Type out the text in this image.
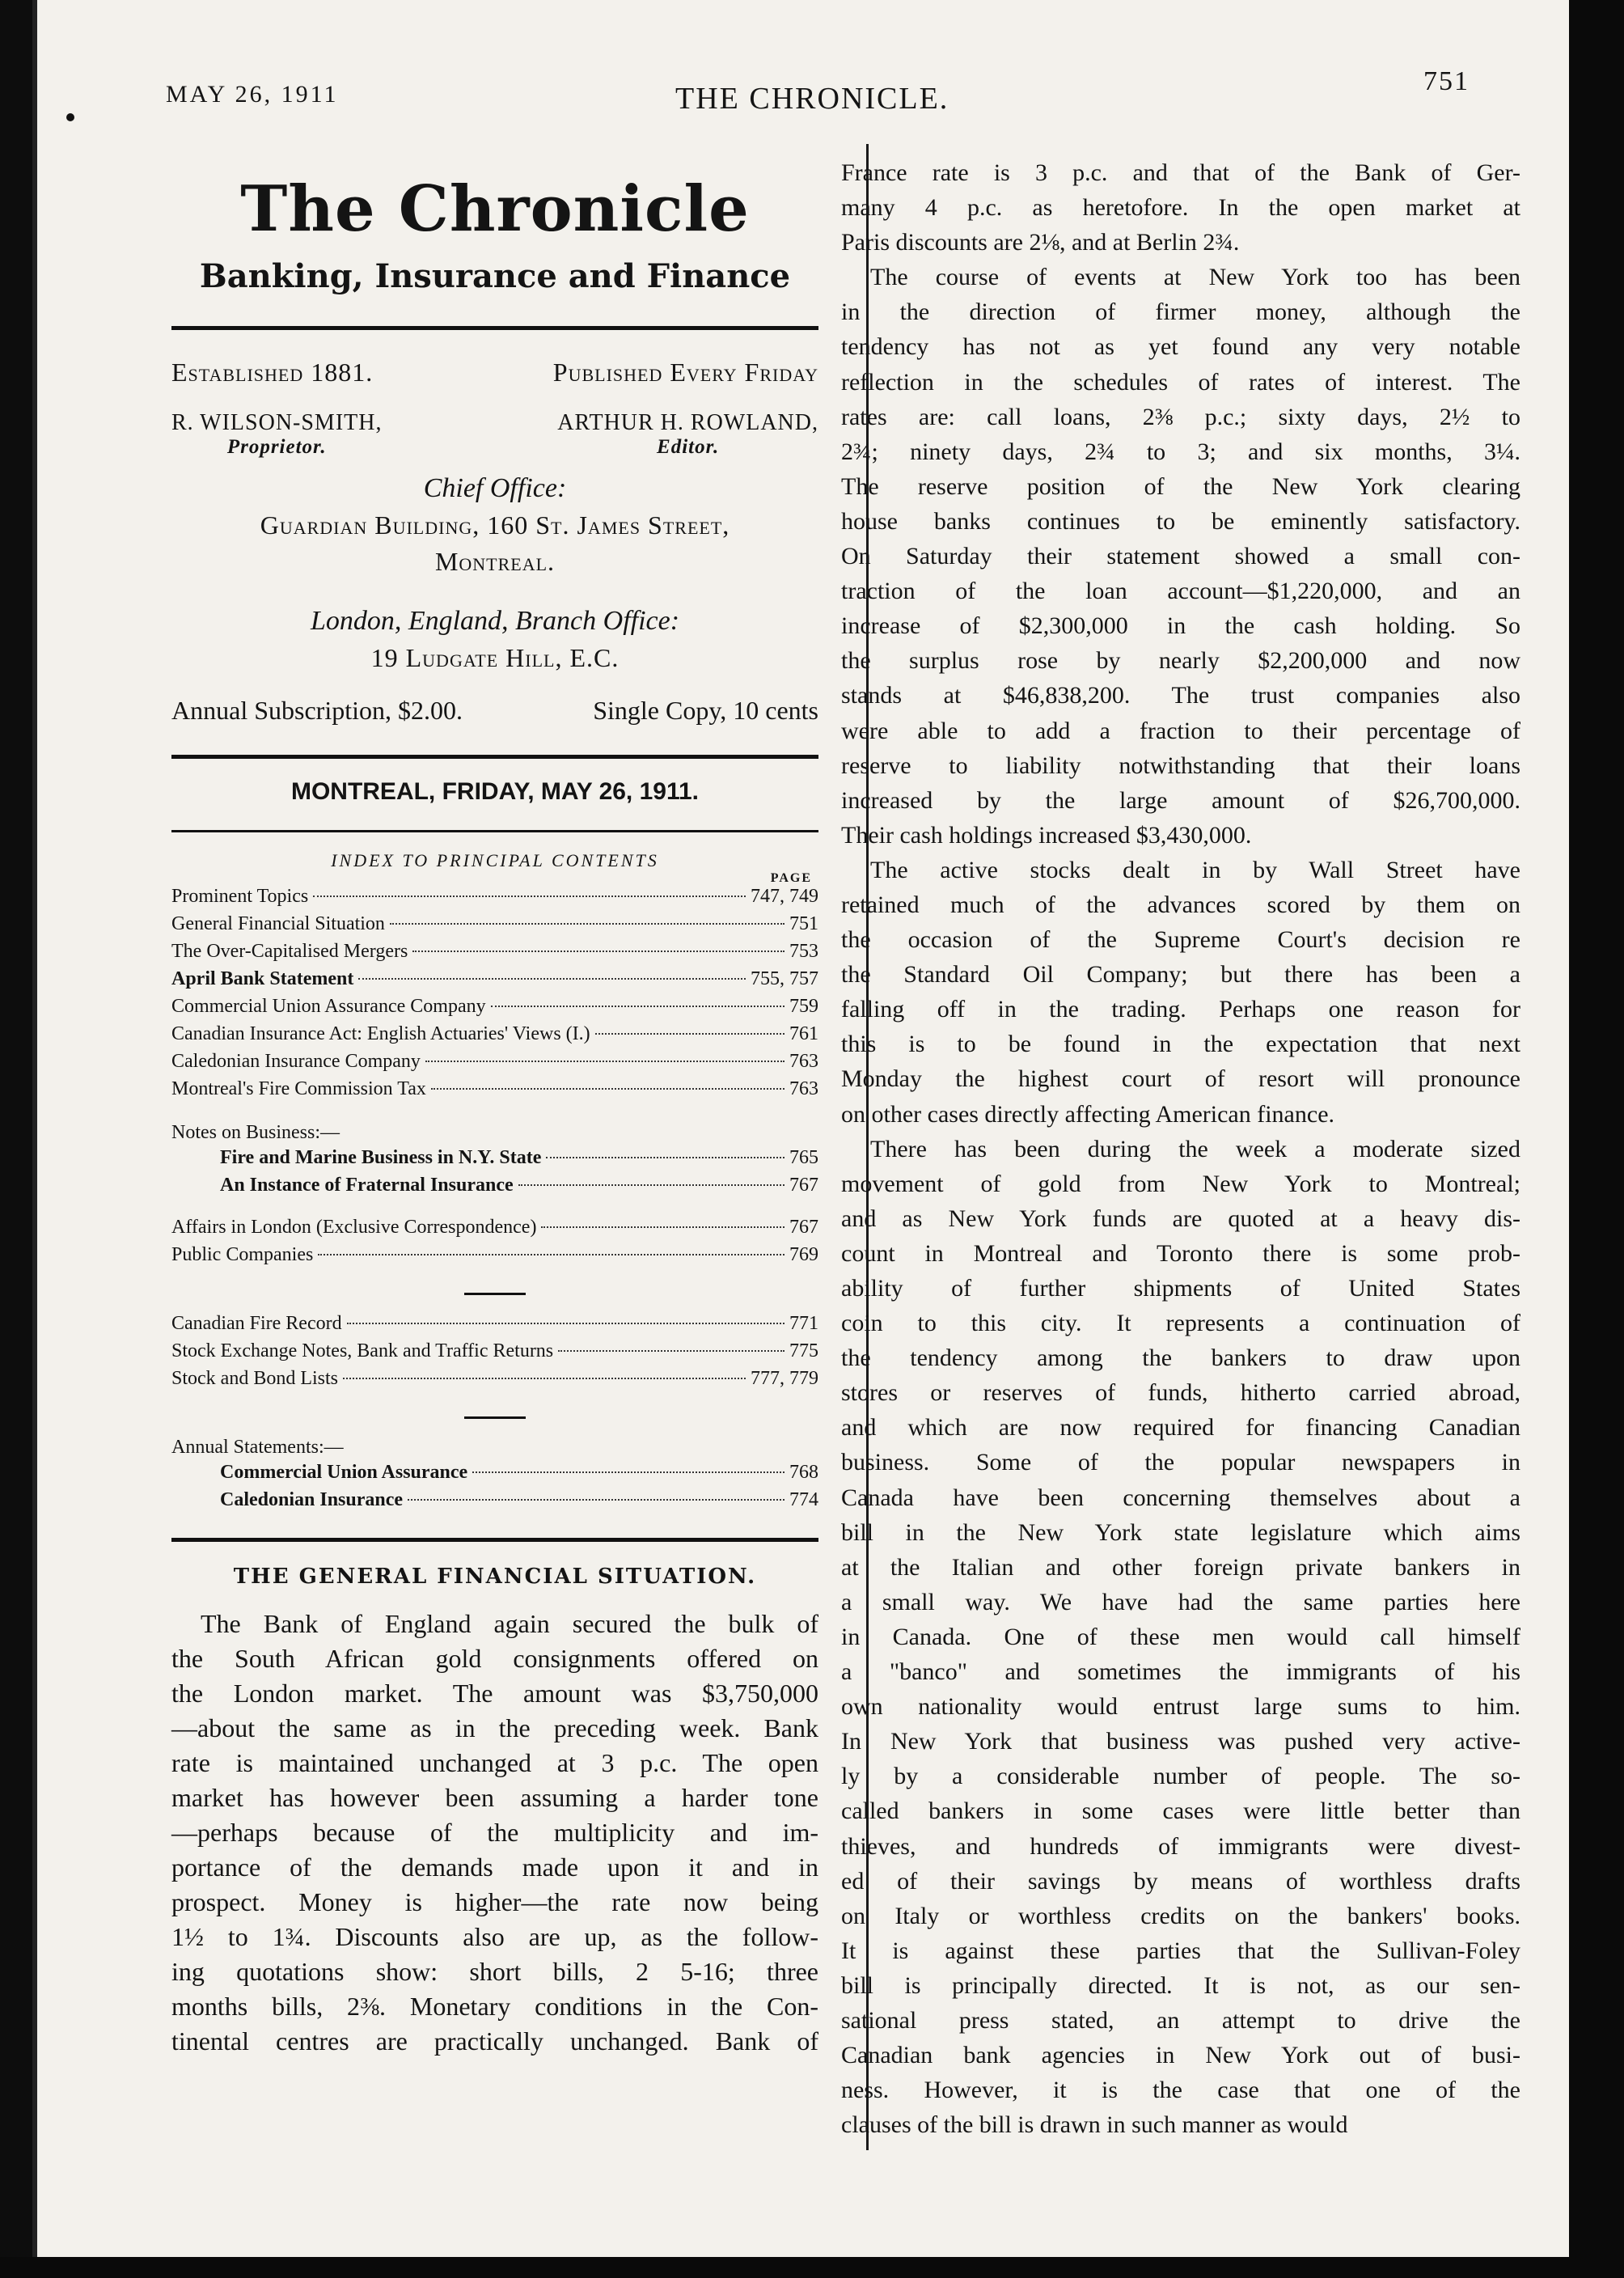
MAY 26, 1911	THE CHRONICLE.
751
The Chronicle
Banking, Insurance and Finance
Established 1881.	Published Every Friday
R. WILSON-SMITH,
Proprietor.
ARTHUR H. ROWLAND,
Editor.
Chief Office:
Guardian Building, 160 St. James Street,
Montreal.
London, England, Branch Office:
19 Ludgate Hill, E.C.
Annual Subscription, $2.00.	Single Copy, 10 cents
MONTREAL, FRIDAY, MAY 26, 1911.
INDEX TO PRINCIPAL CONTENTS
PAGE
Prominent Topics	747, 749
General Financial Situation	751
The Over-Capitalised Mergers	753
April Bank Statement	755, 757
Commercial Union Assurance Company	759
Canadian Insurance Act: English Actuaries' Views (I.)	761
Caledonian Insurance Company	763
Montreal's Fire Commission Tax	763
Notes on Business:—
Fire and Marine Business in N.Y. State	765
An Instance of Fraternal Insurance	767
Affairs in London (Exclusive Correspondence)	767
Public Companies	769
Canadian Fire Record	771
Stock Exchange Notes, Bank and Traffic Returns	775
Stock and Bond Lists	777, 779
Annual Statements:—
Commercial Union Assurance	768
Caledonian Insurance	774
THE GENERAL FINANCIAL SITUATION.
The Bank of England again secured the bulk of
the South African gold consignments offered on
the London market. The amount was $3,750,000
—about the same as in the preceding week. Bank
rate is maintained unchanged at 3 p.c. The open
market has however been assuming a harder tone
—perhaps because of the multiplicity and im-
portance of the demands made upon it and in
prospect. Money is higher—the rate now being
1½ to 1¾. Discounts also are up, as the follow-
ing quotations show: short bills, 2 5-16; three
months bills, 2⅜. Monetary conditions in the Con-
tinental centres are practically unchanged. Bank of
France rate is 3 p.c. and that of the Bank of Ger-
many 4 p.c. as heretofore. In the open market at
Paris discounts are 2⅛, and at Berlin 2¾.
The course of events at New York too has been
in the direction of firmer money, although the
tendency has not as yet found any very notable
reflection in the schedules of rates of interest. The
rates are: call loans, 2⅜ p.c.; sixty days, 2½ to
2¾; ninety days, 2¾ to 3; and six months, 3¼.
The reserve position of the New York clearing
house banks continues to be eminently satisfactory.
On Saturday their statement showed a small con-
traction of the loan account—$1,220,000, and an
increase of $2,300,000 in the cash holding. So
the surplus rose by nearly $2,200,000 and now
stands at $46,838,200. The trust companies also
were able to add a fraction to their percentage of
reserve to liability notwithstanding that their loans
increased by the large amount of $26,700,000.
Their cash holdings increased $3,430,000.
The active stocks dealt in by Wall Street have
retained much of the advances scored by them on
the occasion of the Supreme Court's decision re
the Standard Oil Company; but there has been a
falling off in the trading. Perhaps one reason for
this is to be found in the expectation that next
Monday the highest court of resort will pronounce
on other cases directly affecting American finance.
There has been during the week a moderate sized
movement of gold from New York to Montreal;
and as New York funds are quoted at a heavy dis-
count in Montreal and Toronto there is some prob-
ability of further shipments of United States
coin to this city. It represents a continuation of
the tendency among the bankers to draw upon
stores or reserves of funds, hitherto carried abroad,
and which are now required for financing Canadian
business. Some of the popular newspapers in
Canada have been concerning themselves about a
bill in the New York state legislature which aims
at the Italian and other foreign private bankers in
a small way. We have had the same parties here
in Canada. One of these men would call himself
a "banco" and sometimes the immigrants of his
own nationality would entrust large sums to him.
In New York that business was pushed very active-
ly by a considerable number of people. The so-
called bankers in some cases were little better than
thieves, and hundreds of immigrants were divest-
ed of their savings by means of worthless drafts
on Italy or worthless credits on the bankers' books.
It is against these parties that the Sullivan-Foley
bill is principally directed. It is not, as our sen-
sational press stated, an attempt to drive the
Canadian bank agencies in New York out of busi-
ness. However, it is the case that one of the
clauses of the bill is drawn in such manner as would
